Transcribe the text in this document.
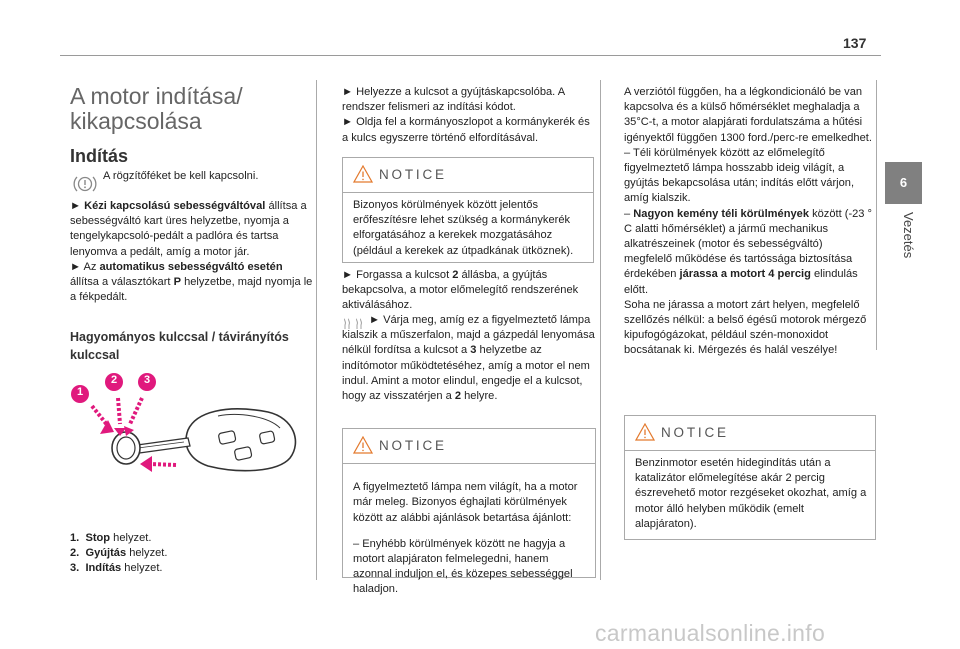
137
6
Vezetés
A motor indítása/
kikapcsolása
Indítás
A rögzítőféket be kell kapcsolni.

► Kézi kapcsolású sebességváltóval állítsa a sebességváltó kart üres helyzetbe, nyomja a tengelykapcsoló-pedált a padlóra és tartsa lenyomva a pedált, amíg a motor jár.

► Az automatikus sebességváltó esetén állítsa a választókart P helyzetbe, majd nyomja le a fékpedált.

Hagyományos kulccsal / távirányítós kulccsal
1
2 3

1. Stop helyzet.

2. Gyújtás helyzet.

3. Indítás helyzet.

► Helyezze a kulcsot a gyújtáskapcsolóba. A rendszer felismeri az indítási kódot.

► Oldja fel a kormányoszlopot a kormánykerék és a kulcs egyszerre történő elfordításával.

NOTICE
Bizonyos körülmények között jelentős erőfeszítésre lehet szükség a kormánykerék elforgatásához a kerekek mozgatásához (például a kerekek az útpadkának ütköznek).

► Forgassa a kulcsot 2 állásba, a gyújtás bekapcsolva, a motor előmelegítő rendszerének aktiválásához.

► Várja meg, amíg ez a figyelmeztető lámpa kialszik a műszerfalon, majd a gázpedál lenyomása nélkül fordítsa a kulcsot a 3 helyzetbe az indítómotor működtetéséhez, amíg a motor el nem indul. Amint a motor elindul, engedje el a kulcsot, hogy az visszatérjen a 2 helyre.

NOTICE

A figyelmeztető lámpa nem világít, ha a motor már meleg. Bizonyos éghajlati körülmények között az alábbi ajánlások betartása ájánlott:

– Enyhébb körülmények között ne hagyja a motort alapjáraton felmelegedni, hanem azonnal induljon el, és közepes sebességgel haladjon.

A verziótól függően, ha a légkondicionáló be van kapcsolva és a külső hőmérséklet meghaladja a 35°C-t, a motor alapjárati fordulatszáma a hűtési igényektől függően 1300 ford./perc-re emelkedhet.

– Téli körülmények között az előmelegítő figyelmeztető lámpa hosszabb ideig világít, a gyújtás bekapcsolása után; indítás előtt várjon, amíg kialszik.

– Nagyon kemény téli körülmények között (-23 ° C alatti hőmérséklet) a jármű mechanikus alkatrészeinek (motor és sebességváltó) megfelelő működése és tartóssága biztosítása érdekében járassa a motort 4 percig elindulás előtt.

Soha ne járassa a motort zárt helyen, megfelelő szellőzés nélkül: a belső égésű motorok mérgező kipufogógázokat, például szén-monoxidot bocsátanak ki. Mérgezés és halál veszélye!

NOTICE
Benzinmotor esetén hidegindítás után a katalizátor előmelegítése akár 2 percig észrevehető motor rezgéseket okozhat, amíg a motor álló helyben működik (emelt alapjáraton).
carmanualsonline.info
